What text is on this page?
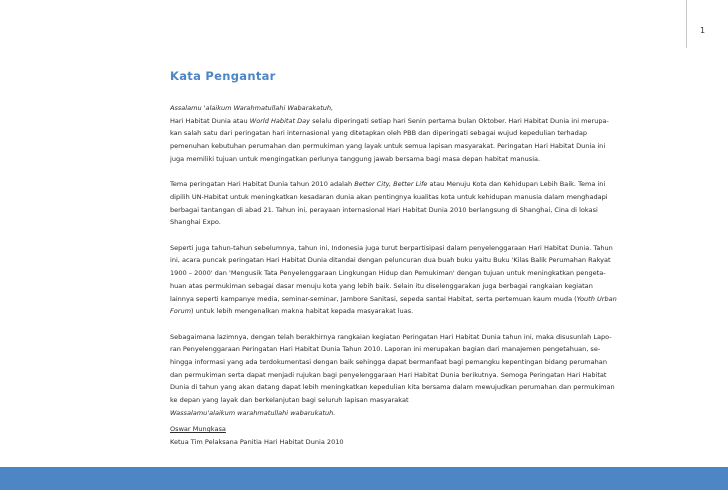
1
Kata Pengantar

Assalamu 'alaikum Warahmatullahi Wabarakatuh,
Hari Habitat Dunia atau World Habitat Day selalu diperingati setiap hari Senin pertama bulan Oktober. Hari Habitat Dunia ini merupa-
kan salah satu dari peringatan hari internasional yang ditetapkan oleh PBB dan diperingati sebagai wujud kepedulian terhadap
pemenuhan kebutuhan perumahan dan permukiman yang layak untuk semua lapisan masyarakat. Peringatan Hari Habitat Dunia ini
juga memiliki tujuan untuk mengingatkan perlunya tanggung jawab bersama bagi masa depan habitat manusia.

Tema peringatan Hari Habitat Dunia tahun 2010 adalah Better City, Better Life atau Menuju Kota dan Kehidupan Lebih Baik. Tema ini
dipilih UN-Habitat untuk meningkatkan kesadaran dunia akan pentingnya kualitas kota untuk kehidupan manusia dalam menghadapi
berbagai tantangan di abad 21. Tahun ini, perayaan internasional Hari Habitat Dunia 2010 berlangsung di Shanghai, Cina di lokasi
Shanghai Expo.

Seperti juga tahun-tahun sebelumnya, tahun ini, Indonesia juga turut berpartisipasi dalam penyelenggaraan Hari Habitat Dunia. Tahun
ini, acara puncak peringatan Hari Habitat Dunia ditandai dengan peluncuran dua buah buku yaitu Buku 'Kilas Balik Perumahan Rakyat
1900 – 2000' dan 'Mengusik Tata Penyelenggaraan Lingkungan Hidup dan Pemukiman' dengan tujuan untuk meningkatkan pengeta-
huan atas permukiman sebagai dasar menuju kota yang lebih baik. Selain itu diselenggarakan juga berbagai rangkaian kegiatan
lainnya seperti kampanye media, seminar-seminar, Jambore Sanitasi, sepeda santai Habitat, serta pertemuan kaum muda (Youth Urban
Forum) untuk lebih mengenalkan makna habitat kepada masyarakat luas.

Sebagaimana lazimnya, dengan telah berakhirnya rangkaian kegiatan Peringatan Hari Habitat Dunia tahun ini, maka disusunlah Lapo-
ran Penyelenggaraan Peringatan Hari Habitat Dunia Tahun 2010. Laporan ini merupakan bagian dari manajemen pengetahuan, se-
hingga informasi yang ada terdokumentasi dengan baik sehingga dapat bermanfaat bagi pemangku kepentingan bidang perumahan
dan permukiman serta dapat menjadi rujukan bagi penyelenggaraan Hari Habitat Dunia berikutnya. Semoga Peringatan Hari Habitat
Dunia di tahun yang akan datang dapat lebih meningkatkan kepedulian kita bersama dalam mewujudkan perumahan dan permukiman
ke depan yang layak dan berkelanjutan bagi seluruh lapisan masyarakat
Wassalamu'alaikum warahmatullahi wabarukatuh.

Oswar Mungkasa
Ketua Tim Pelaksana Panitia Hari Habitat Dunia 2010
